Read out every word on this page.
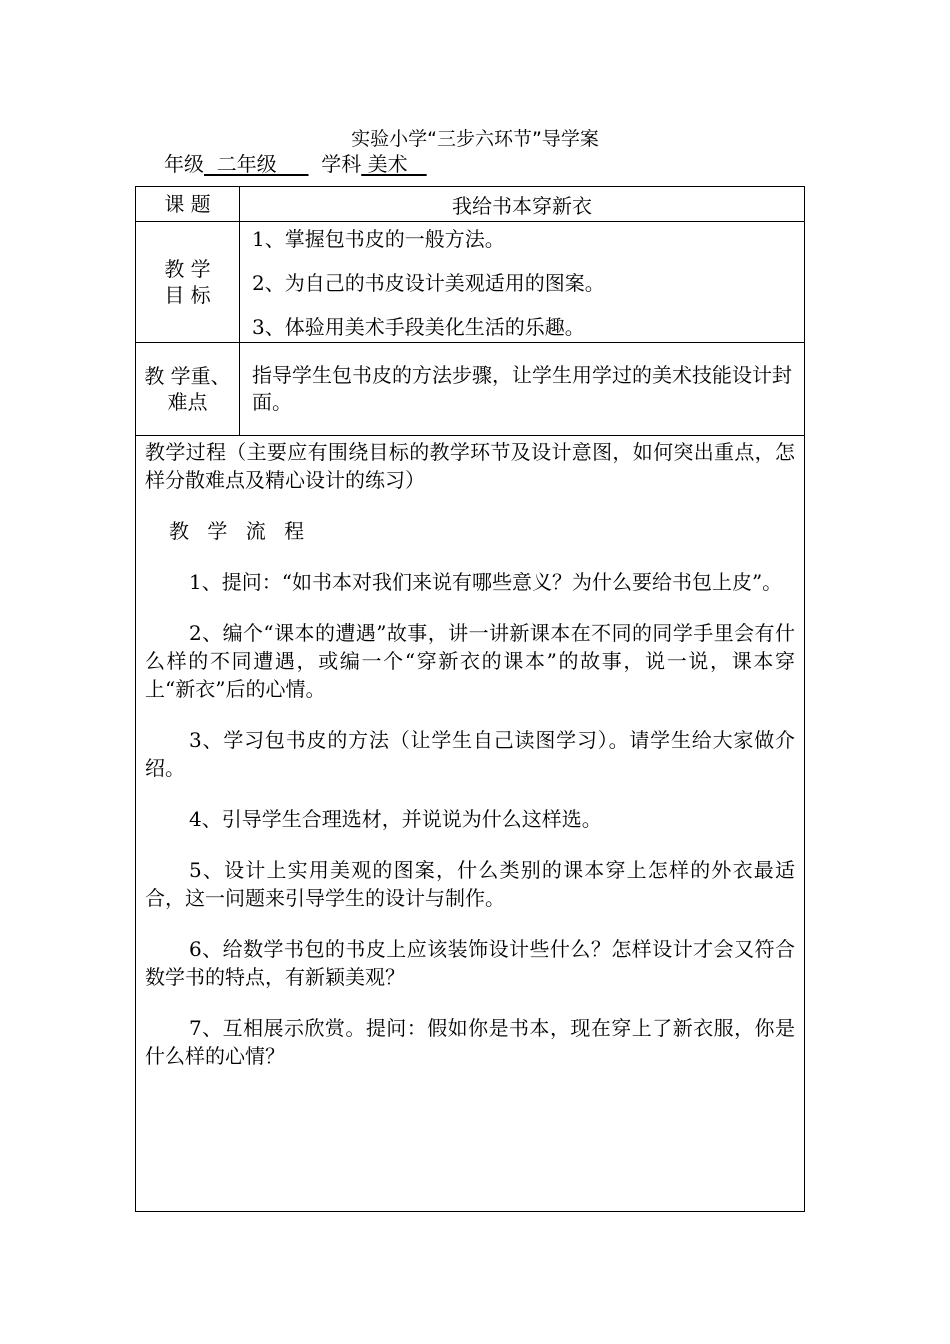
实验小学“三步六环节”导学案
年级  二年级       学科 美术
课 题	我给书本穿新衣
教 学
目 标

1、掌握包书皮的一般方法。

2、为自己的书皮设计美观适用的图案。

3、体验用美术手段美化生活的乐趣。

教 学重、
难点
指导学生包书皮的方法步骤，让学生用学过的美术技能设计封面。

教学过程（主要应有围绕目标的教学环节及设计意图，如何突出重点，怎样分散难点及精心设计的练习）

教 学 流 程

1、提问：“如书本对我们来说有哪些意义？为什么要给书包上皮”。

2、编个“课本的遭遇”故事，讲一讲新课本在不同的同学手里会有什么样的不同遭遇，或编一个“穿新衣的课本”的故事，说一说，课本穿上“新衣”后的心情。

3、学习包书皮的方法（让学生自己读图学习）。请学生给大家做介绍。

4、引导学生合理选材，并说说为什么这样选。

5、设计上实用美观的图案，什么类别的课本穿上怎样的外衣最适合，这一问题来引导学生的设计与制作。

6、给数学书包的书皮上应该装饰设计些什么？怎样设计才会又符合数学书的特点，有新颖美观？

7、互相展示欣赏。提问：假如你是书本，现在穿上了新衣服，你是什么样的心情？
